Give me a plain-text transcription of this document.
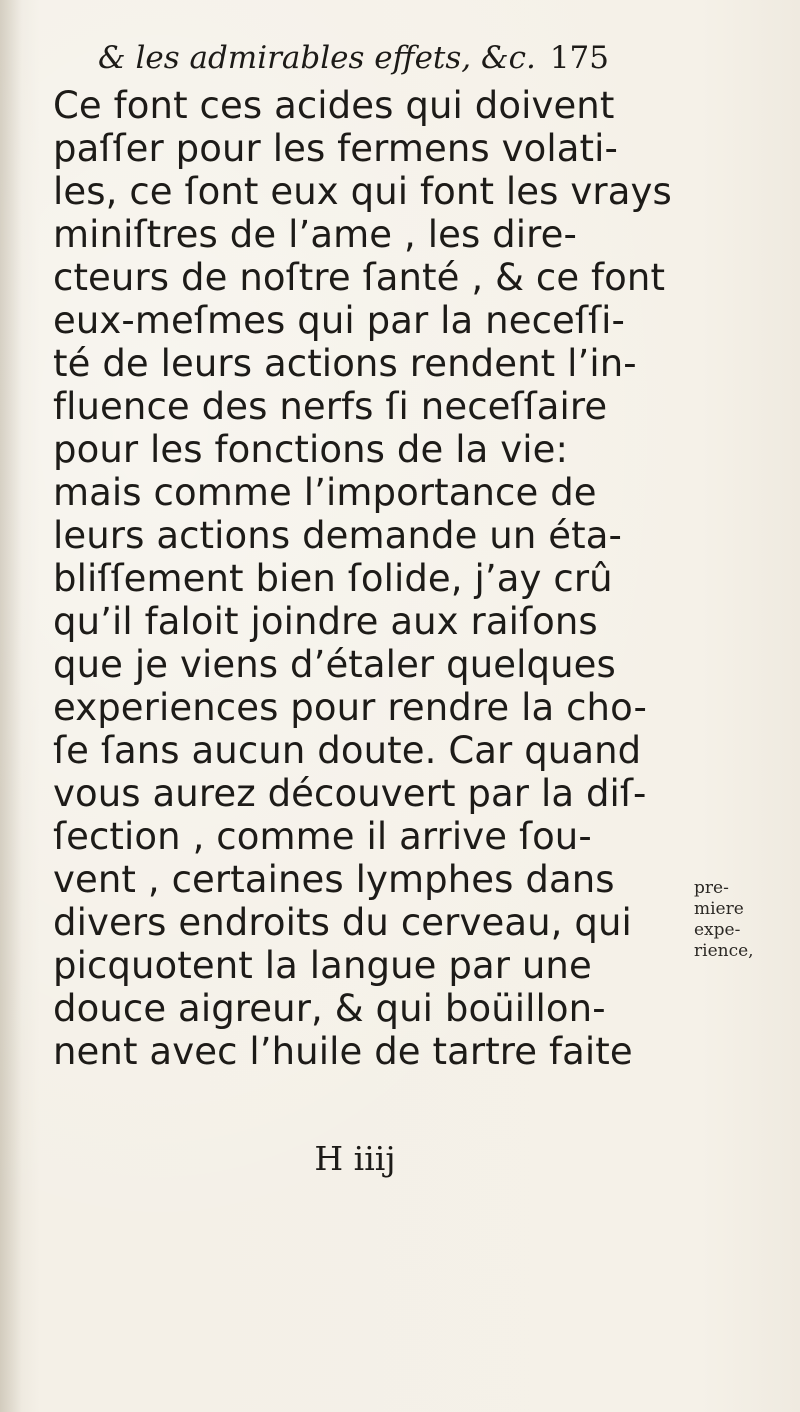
& les admirables effets, &c. 175
Ce font ces acides qui doivent
paſſer pour les fermens volati-
les, ce ſont eux qui font les vrays
miniſtres de l’ame , les dire-
cteurs de noſtre ſanté , & ce font
eux-meſmes qui par la neceſſi-
té de leurs actions rendent l’in-
fluence des nerfs ſi neceſſaire
pour les fonctions de la vie:
mais comme l’importance de
leurs actions demande un éta-
bliſſement bien ſolide, j’ay crû
qu’il faloit joindre aux raiſons
que je viens d’étaler quelques
experiences pour rendre la cho-
ſe ſans aucun doute. Car quand
vous aurez découvert par la diſ-
ſection , comme il arrive ſou-
vent , certaines lymphes dans
divers endroits du cerveau, qui
picquotent la langue par une
douce aigreur, & qui boüillon-
nent avec l’huile de tartre faite
pre-
miere
expe-
rience,
H iiij
